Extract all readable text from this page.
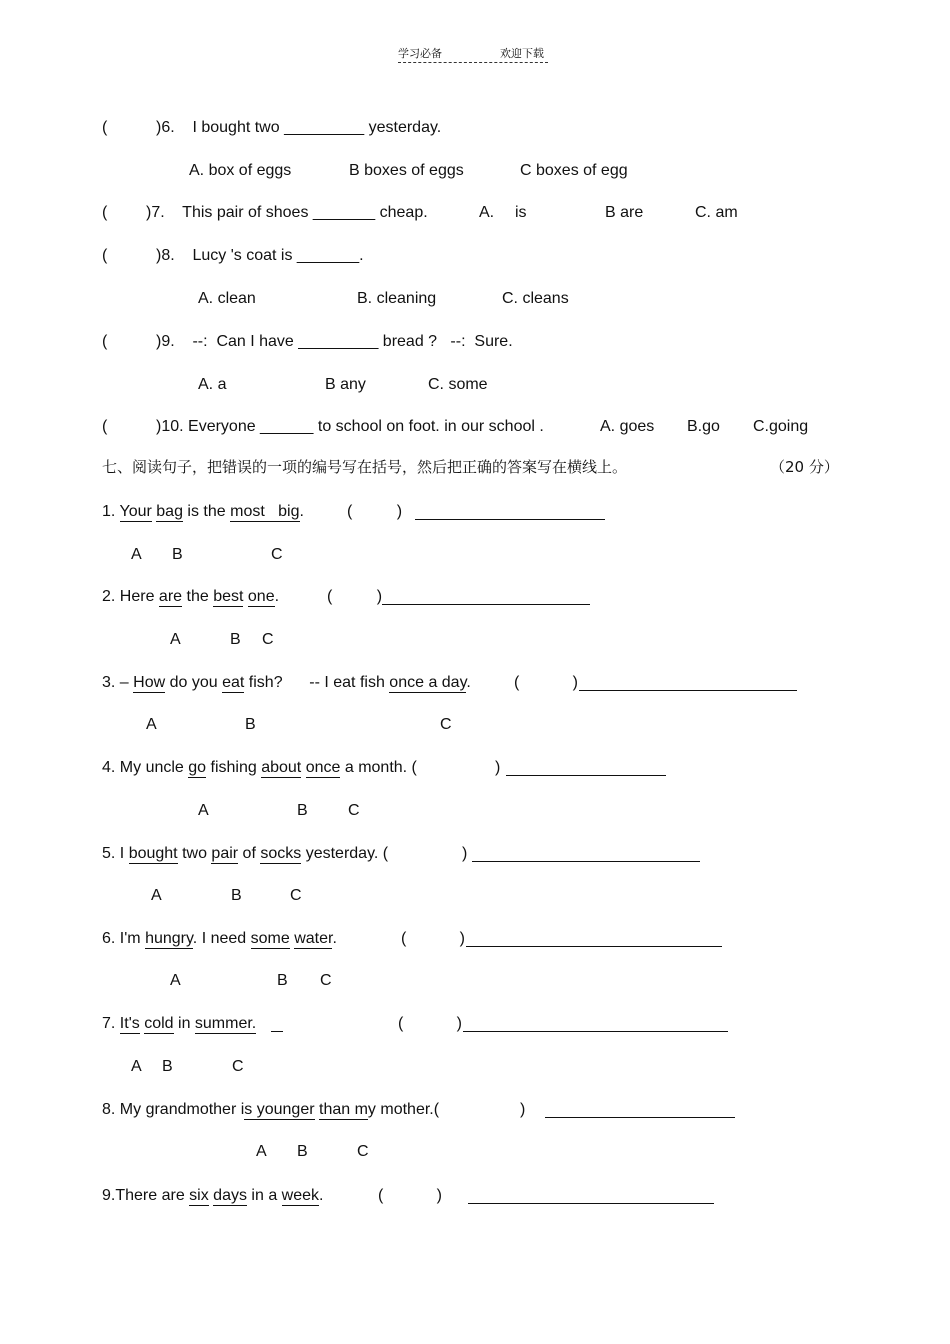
学习必备	欢迎下载
(	)6.    I bought two _________ yesterday.
A. box of eggs	B boxes of eggs	C boxes of egg
( )7.    This pair of shoes _______ cheap.	A. is	B are	C. am
(	)8.    Lucy 's coat is _______.
A. clean	B. cleaning	C. cleans
(	)9.    --:  Can I have _________ bread ?   --:  Sure.
A. a	B any	C. some
(	)10. Everyone ______ to school on foot. in our school .	A. goes B.go C.going
七、阅读句子，把错误的一项的编号写在括号，然后把正确的答案写在横线上。	（20 分）
1. Your bag is the most   big.	(          )
A B	C
2. Here are the best one.	(          )
A	B C
3. – How do you eat fish?      -- I eat fish once a day.	(            )
A	B	C
4. My uncle go fishing about once a month. (	)
A	B	C
5. I bought two pair of socks yesterday. (	)
A	B	C
6. I'm hungry. I need some water.	(            )
A	B C
7. It's cold in summer.	(            )
A B	C
8. My grandmother is younger than my mother.(	)
A B	C
9.There are six days in a week.	(            )
